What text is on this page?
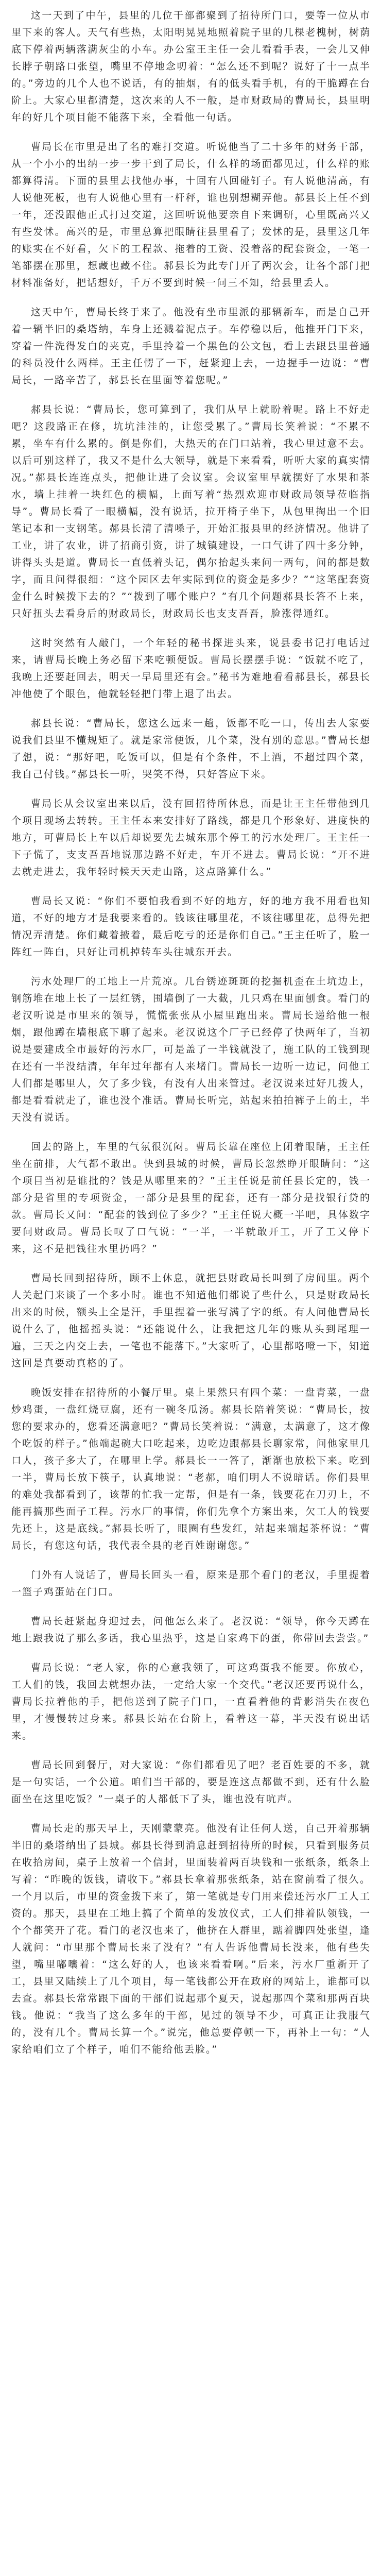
这一天到了中午，县里的几位干部都聚到了招待所门口，要等一位从市里下来的客人。天气有些热，太阳明晃晃地照着院子里的几棵老槐树，树荫底下停着两辆落满灰尘的小车。办公室王主任一会儿看看手表，一会儿又伸长脖子朝路口张望，嘴里不停地念叨着：“怎么还不到呢？说好了十一点半的。”旁边的几个人也不说话，有的抽烟，有的低头看手机，有的干脆蹲在台阶上。大家心里都清楚，这次来的人不一般，是市财政局的曹局长，县里明年的好几个项目能不能落下来，全看他一句话。

曹局长在市里是出了名的难打交道。听说他当了二十多年的财务干部，从一个小小的出纳一步一步干到了局长，什么样的场面都见过，什么样的账都算得清。下面的县里去找他办事，十回有八回碰钉子。有人说他清高，有人说他死板，也有人说他心里有一杆秤，谁也别想糊弄他。郝县长上任不到一年，还没跟他正式打过交道，这回听说他要亲自下来调研，心里既高兴又有些发怵。高兴的是，市里总算把眼睛往县里看了；发怵的是，县里这几年的账实在不好看，欠下的工程款、拖着的工资、没着落的配套资金，一笔一笔都摆在那里，想藏也藏不住。郝县长为此专门开了两次会，让各个部门把材料准备好，把话想好，千万不要到时候一问三不知，给县里丢人。

这天中午，曹局长终于来了。他没有坐市里派的那辆新车，而是自己开着一辆半旧的桑塔纳，车身上还溅着泥点子。车停稳以后，他推开门下来，穿着一件洗得发白的夹克，手里拎着一个黑色的公文包，看上去跟县里普通的科员没什么两样。王主任愣了一下，赶紧迎上去，一边握手一边说：“曹局长，一路辛苦了，郝县长在里面等着您呢。”

郝县长说：“曹局长，您可算到了，我们从早上就盼着呢。路上不好走吧？这段路正在修，坑坑洼洼的，让您受累了。”曹局长笑着说：“不累不累，坐车有什么累的。倒是你们，大热天的在门口站着，我心里过意不去。以后可别这样了，我又不是什么大领导，就是下来看看，听听大家的真实情况。”郝县长连连点头，把他让进了会议室。会议室里早就摆好了水果和茶水，墙上挂着一块红色的横幅，上面写着“热烈欢迎市财政局领导莅临指导”。曹局长看了一眼横幅，没有说话，拉开椅子坐下，从包里掏出一个旧笔记本和一支钢笔。郝县长清了清嗓子，开始汇报县里的经济情况。他讲了工业，讲了农业，讲了招商引资，讲了城镇建设，一口气讲了四十多分钟，讲得头头是道。曹局长一直低着头记，偶尔抬起头来问一两句，问的都是数字，而且问得很细：“这个园区去年实际到位的资金是多少？”“这笔配套资金什么时候拨下去的？”“拨到了哪个账户？”有几个问题郝县长答不上来，只好扭头去看身后的财政局长，财政局长也支支吾吾，脸涨得通红。

这时突然有人敲门，一个年轻的秘书探进头来，说县委书记打电话过来，请曹局长晚上务必留下来吃顿便饭。曹局长摆摆手说：“饭就不吃了，我晚上还要赶回去，明天一早局里还有会。”秘书为难地看看郝县长，郝县长冲他使了个眼色，他就轻轻把门带上退了出去。

郝县长说：“曹局长，您这么远来一趟，饭都不吃一口，传出去人家要说我们县里不懂规矩了。就是家常便饭，几个菜，没有别的意思。”曹局长想了想，说：“那好吧，吃饭可以，但是有个条件，不上酒，不超过四个菜，我自己付钱。”郝县长一听，哭笑不得，只好答应下来。

曹局长从会议室出来以后，没有回招待所休息，而是让王主任带他到几个项目现场去转转。王主任本来安排好了路线，都是几个形象好、进度快的地方，可曹局长上车以后却说要先去城东那个停工的污水处理厂。王主任一下子慌了，支支吾吾地说那边路不好走，车开不进去。曹局长说：“开不进去就走进去，我年轻时候天天走山路，这点路算什么。”

曹局长又说：“你们不要怕我看到不好的地方，好的地方我不用看也知道，不好的地方才是我要来看的。钱该往哪里花，不该往哪里花，总得先把情况弄清楚。你们藏着掖着，最后吃亏的还是你们自己。”王主任听了，脸一阵红一阵白，只好让司机掉转车头往城东开去。

污水处理厂的工地上一片荒凉。几台锈迹斑斑的挖掘机歪在土坑边上，钢筋堆在地上长了一层红锈，围墙倒了一大截，几只鸡在里面刨食。看门的老汉听说是市里来的领导，慌慌张张从小屋里跑出来。曹局长递给他一根烟，跟他蹲在墙根底下聊了起来。老汉说这个厂子已经停了快两年了，当初说是要建成全市最好的污水厂，可是盖了一半钱就没了，施工队的工钱到现在还有一半没结清，年年过年都有人来堵门。曹局长一边听一边记，问他工人们都是哪里人，欠了多少钱，有没有人出来管过。老汉说来过好几拨人，都是看看就走了，谁也没个准话。曹局长听完，站起来拍拍裤子上的土，半天没有说话。

回去的路上，车里的气氛很沉闷。曹局长靠在座位上闭着眼睛，王主任坐在前排，大气都不敢出。快到县城的时候，曹局长忽然睁开眼睛问：“这个项目当初是谁批的？钱是从哪里来的？”王主任说是前任县长定的，钱一部分是省里的专项资金，一部分是县里的配套，还有一部分是找银行贷的款。曹局长又问：“配套的钱到位了多少？”王主任说大概一半吧，具体数字要问财政局。曹局长叹了口气说：“一半，一半就敢开工，开了工又停下来，这不是把钱往水里扔吗？”

曹局长回到招待所，顾不上休息，就把县财政局长叫到了房间里。两个人关起门来谈了一个多小时。谁也不知道他们都说了些什么，只是财政局长出来的时候，额头上全是汗，手里捏着一张写满了字的纸。有人问他曹局长说什么了，他摇摇头说：“还能说什么，让我把这几年的账从头到尾理一遍，三天之内交上去，一笔也不能落下。”大家听了，心里都咯噔一下，知道这回是真要动真格的了。

晚饭安排在招待所的小餐厅里。桌上果然只有四个菜：一盘青菜，一盘炒鸡蛋，一盘红烧豆腐，还有一碗冬瓜汤。郝县长陪着笑说：“曹局长，按您的要求办的，您看还满意吧？”曹局长笑着说：“满意，太满意了，这才像个吃饭的样子。”他端起碗大口吃起来，边吃边跟郝县长聊家常，问他家里几口人，孩子多大了，在哪里上学。郝县长一一答了，渐渐也放松下来。吃到一半，曹局长放下筷子，认真地说：“老郝，咱们明人不说暗话。你们县里的难处我都看到了，该帮的忙我一定帮，但是有一条，钱要花在刀刃上，不能再搞那些面子工程。污水厂的事情，你们先拿个方案出来，欠工人的钱要先还上，这是底线。”郝县长听了，眼圈有些发红，站起来端起茶杯说：“曹局长，有您这句话，我代表全县的老百姓谢谢您。”

门外有人说话了，曹局长回头一看，原来是那个看门的老汉，手里提着一篮子鸡蛋站在门口。

曹局长赶紧起身迎过去，问他怎么来了。老汉说：“领导，你今天蹲在地上跟我说了那么多话，我心里热乎，这是自家鸡下的蛋，你带回去尝尝。”

曹局长说：“老人家，你的心意我领了，可这鸡蛋我不能要。你放心，工人们的钱，我回去就想办法，一定给大家一个交代。”老汉还要再说什么，曹局长拉着他的手，把他送到了院子门口，一直看着他的背影消失在夜色里，才慢慢转过身来。郝县长站在台阶上，看着这一幕，半天没有说出话来。

曹局长回到餐厅，对大家说：“你们都看见了吧？老百姓要的不多，就是一句实话，一个公道。咱们当干部的，要是连这点都做不到，还有什么脸面坐在这里吃饭？”一桌子的人都低下了头，谁也没有吭声。

曹局长走的那天早上，天刚蒙蒙亮。他没有让任何人送，自己开着那辆半旧的桑塔纳出了县城。郝县长得到消息赶到招待所的时候，只看到服务员在收拾房间，桌子上放着一个信封，里面装着两百块钱和一张纸条，纸条上写着：“昨晚的饭钱，请收下。”郝县长拿着那张纸条，站在窗前看了很久。一个月以后，市里的资金拨下来了，第一笔就是专门用来偿还污水厂工人工资的。那天，县里在工地上搞了个简单的发放仪式，工人们排着队领钱，一个个都笑开了花。看门的老汉也来了，他挤在人群里，踮着脚四处张望，逢人就问：“市里那个曹局长来了没有？”有人告诉他曹局长没来，他有些失望，嘴里嘟囔着：“这么好的人，也该来看看啊。”后来，污水厂重新开了工，县里又陆续上了几个项目，每一笔钱都公开在政府的网站上，谁都可以去查。郝县长常常跟下面的干部们说起那个夏天，说起那四个菜和那两百块钱。他说：“我当了这么多年的干部，见过的领导不少，可真正让我服气的，没有几个。曹局长算一个。”说完，他总要停顿一下，再补上一句：“人家给咱们立了个样子，咱们不能给他丢脸。”
